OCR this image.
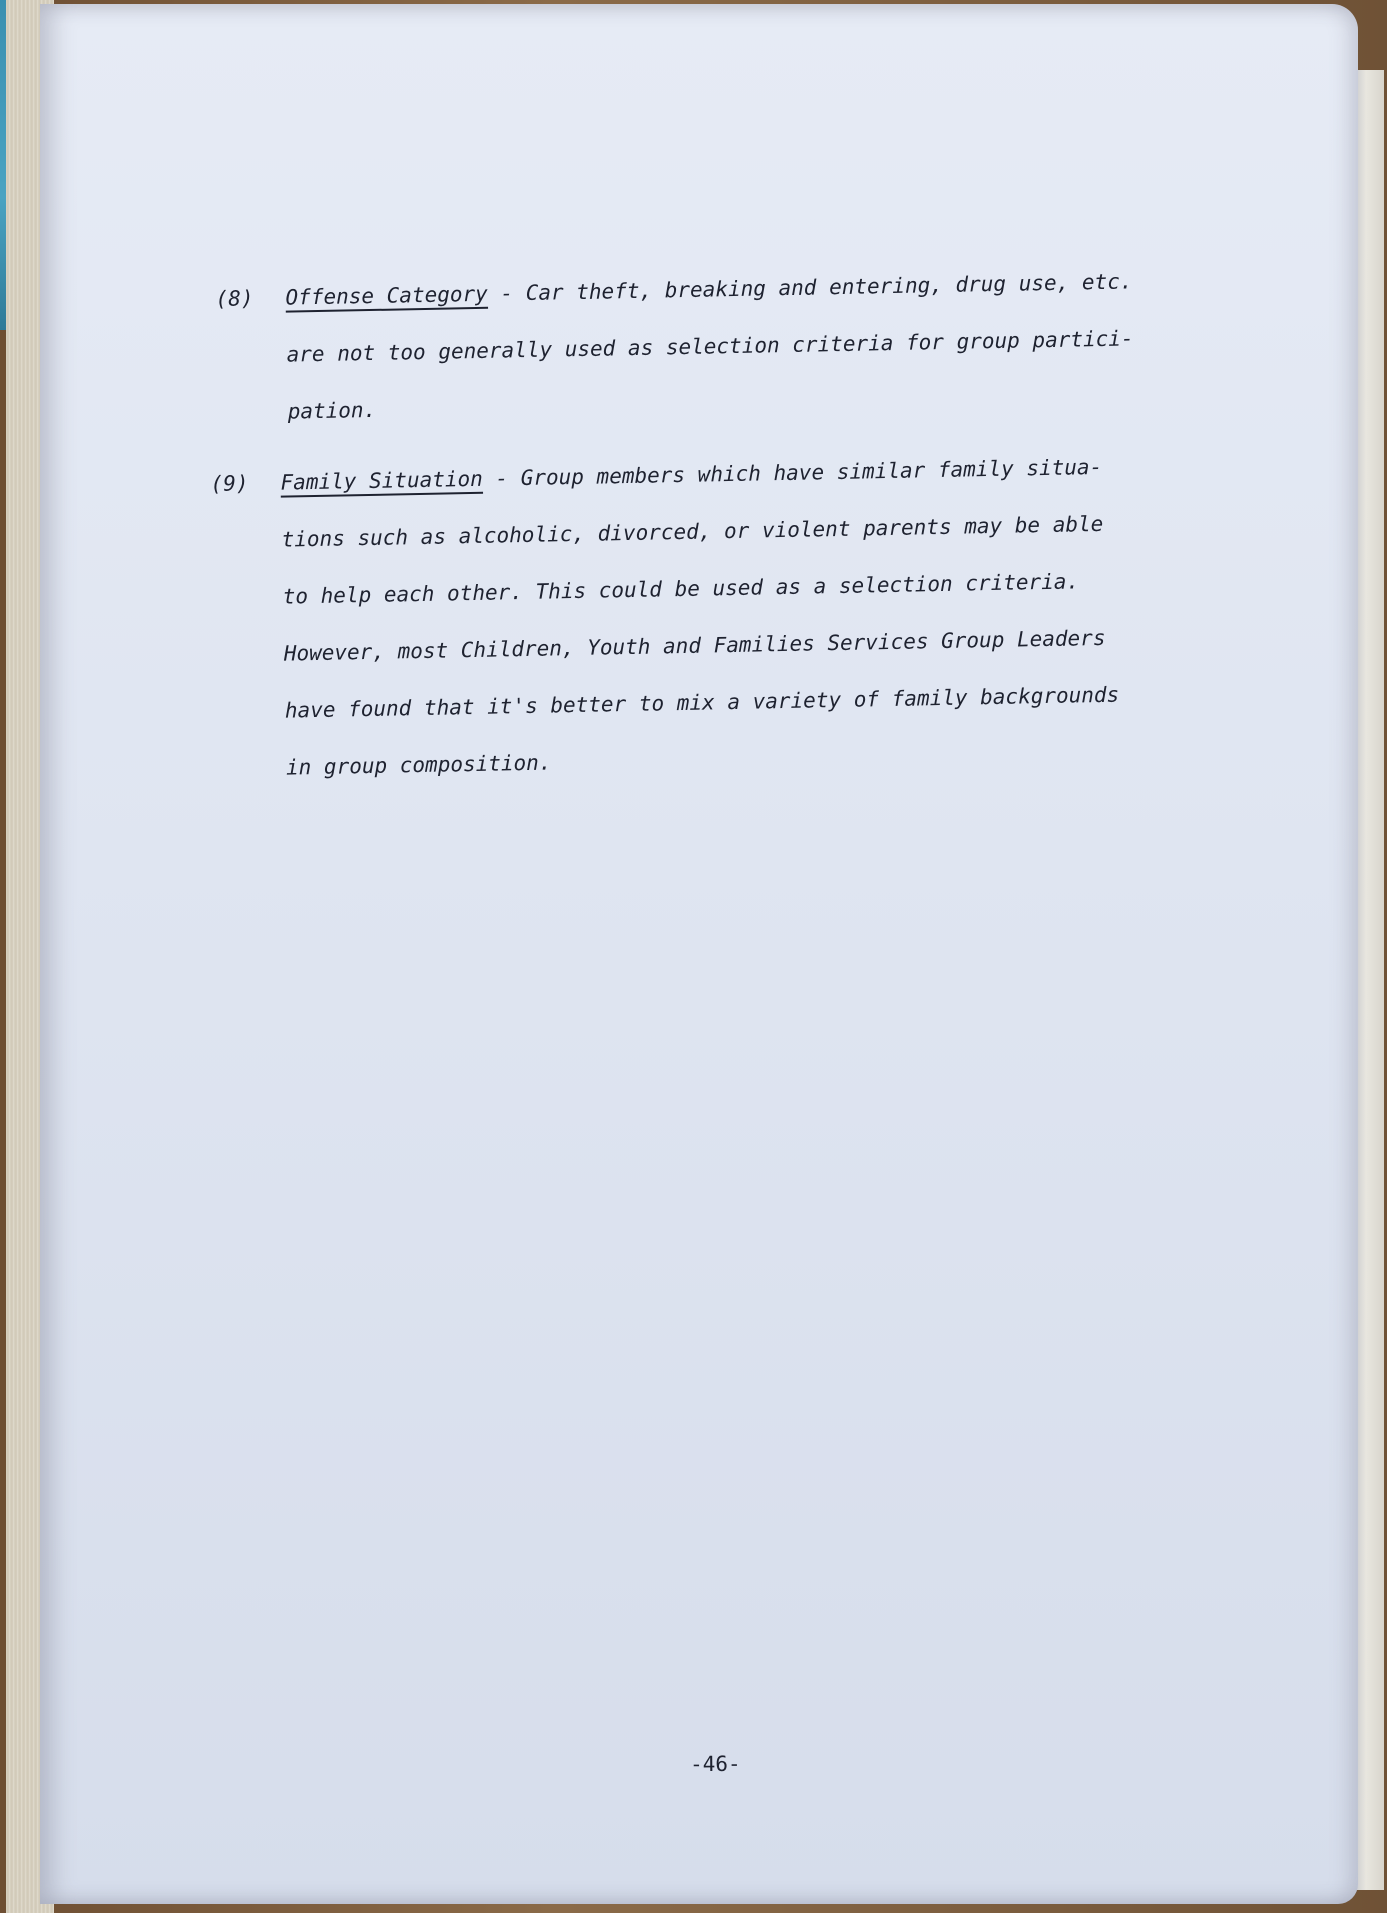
(8)	Offense Category - Car theft, breaking and entering, drug use, etc.
are not too generally used as selection criteria for group partici-
pation.
(9)	Family Situation - Group members which have similar family situa-
tions such as alcoholic, divorced, or violent parents may be able
to help each other. This could be used as a selection criteria.
However, most Children, Youth and Families Services Group Leaders
have found that it's better to mix a variety of family backgrounds
in group composition.
-46-
